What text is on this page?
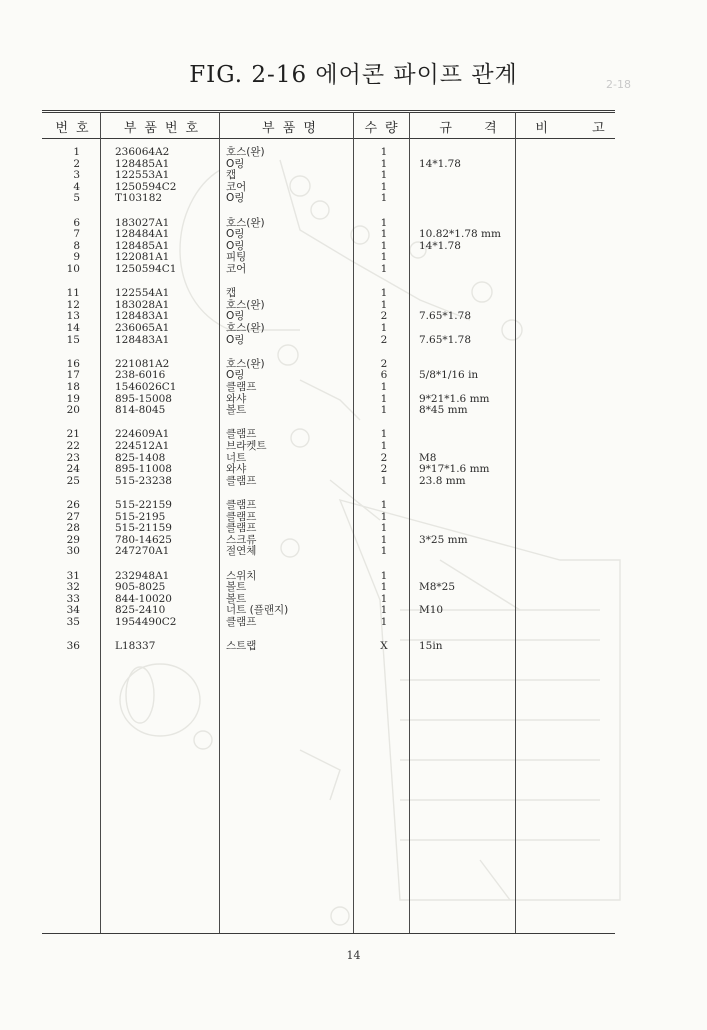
FIG. 2-16 에어콘 파이프 관계	2-18
번호	부품번호	부 품 명	수량	규 격	비 고
1	236064A2	호스(완)	1
2	128485A1	O링	1	14*1.78
3	122553A1	캡	1
4	1250594C2	코어	1
5	T103182	O링	1
6	183027A1	호스(완)	1
7	128484A1	O링	1	10.82*1.78 mm
8	128485A1	O링	1	14*1.78
9	122081A1	피팅	1
10	1250594C1	코어	1
11	122554A1	캡	1
12	183028A1	호스(완)	1
13	128483A1	O링	2	7.65*1.78
14	236065A1	호스(완)	1
15	128483A1	O링	2	7.65*1.78
16	221081A2	호스(완)	2
17	238-6016	O링	6	5/8*1/16 in
18	1546026C1	클램프	1
19	895-15008	와샤	1	9*21*1.6 mm
20	814-8045	볼트	1	8*45 mm
21	224609A1	클램프	1
22	224512A1	브라켓트	1
23	825-1408	너트	2	M8
24	895-11008	와샤	2	9*17*1.6 mm
25	515-23238	클램프	1	23.8 mm
26	515-22159	클램프	1
27	515-2195	클램프	1
28	515-21159	클램프	1
29	780-14625	스크류	1	3*25 mm
30	247270A1	절연체	1
31	232948A1	스위치	1
32	905-8025	볼트	1	M8*25
33	844-10020	볼트	1
34	825-2410	너트 (플랜지)	1	M10
35	1954490C2	클램프	1
36	L18337	스트랩	X	15in
14
